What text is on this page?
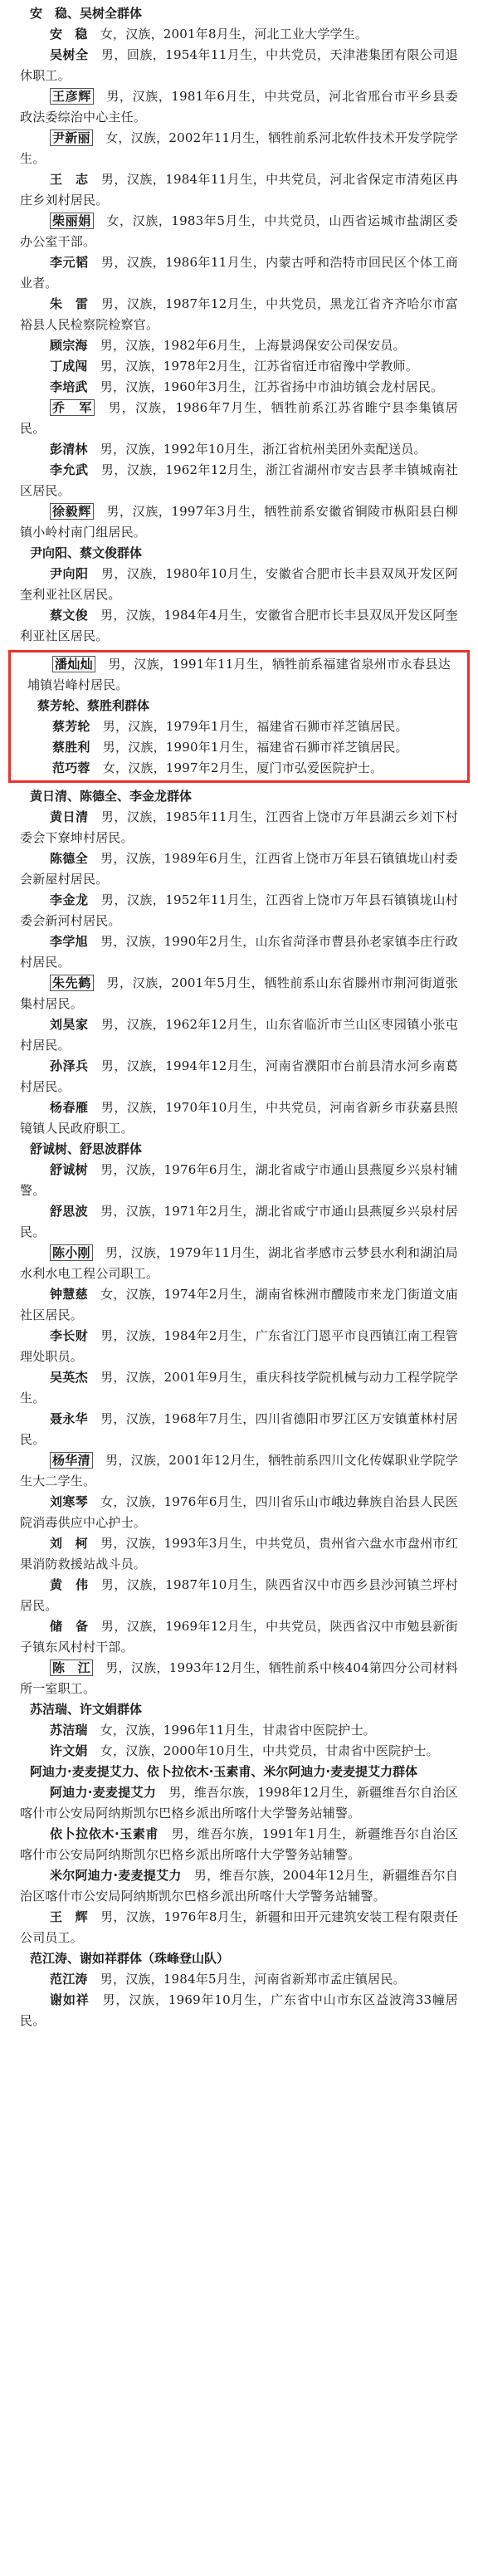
安　稳、吴树全群体

安　稳　女，汉族，2001年8月生，河北工业大学学生。

吴树全　男，回族，1954年11月生，中共党员，天津港集团有限公司退休职工。

王彦辉　男，汉族，1981年6月生，中共党员，河北省邢台市平乡县委政法委综治中心主任。

尹新丽　女，汉族，2002年11月生，牺牲前系河北软件技术开发学院学生。

王　志　男，汉族，1984年11月生，中共党员，河北省保定市清苑区冉庄乡刘村居民。

柴丽娟　女，汉族，1983年5月生，中共党员，山西省运城市盐湖区委办公室干部。

李元韬　男，汉族，1986年11月生，内蒙古呼和浩特市回民区个体工商业者。

朱　雷　男，汉族，1987年12月生，中共党员，黑龙江省齐齐哈尔市富裕县人民检察院检察官。

顾宗海　男，汉族，1982年6月生，上海景鸿保安公司保安员。

丁成闯　男，汉族，1978年2月生，江苏省宿迁市宿豫中学教师。

李培武　男，汉族，1960年3月生，江苏省扬中市油坊镇会龙村居民。

乔　军　男，汉族，1986年7月生，牺牲前系江苏省睢宁县李集镇居民。

彭清林　男，汉族，1992年10月生，浙江省杭州美团外卖配送员。

李允武　男，汉族，1962年12月生，浙江省湖州市安吉县孝丰镇城南社区居民。

徐毅辉　男，汉族，1997年3月生，牺牲前系安徽省铜陵市枞阳县白柳镇小岭村南门组居民。

尹向阳、蔡文俊群体

尹向阳　男，汉族，1980年10月生，安徽省合肥市长丰县双凤开发区阿奎利亚社区居民。

蔡文俊　男，汉族，1984年4月生，安徽省合肥市长丰县双凤开发区阿奎利亚社区居民。

潘灿灿　男，汉族，1991年11月生，牺牲前系福建省泉州市永春县达埔镇岩峰村居民。

蔡芳轮、蔡胜利群体

蔡芳轮　男，汉族，1979年1月生，福建省石狮市祥芝镇居民。

蔡胜利　男，汉族，1990年1月生，福建省石狮市祥芝镇居民。

范巧蓉　女，汉族，1997年2月生，厦门市弘爱医院护士。

黄日清、陈德全、李金龙群体

黄日清　男，汉族，1985年11月生，江西省上饶市万年县湖云乡刘下村委会下寮坤村居民。

陈德全　男，汉族，1989年6月生，江西省上饶市万年县石镇镇垅山村委会新屋村居民。

李金龙　男，汉族，1952年11月生，江西省上饶市万年县石镇镇垅山村委会新河村居民。

李学旭　男，汉族，1990年2月生，山东省菏泽市曹县孙老家镇李庄行政村居民。

朱先鹤　男，汉族，2001年5月生，牺牲前系山东省滕州市荆河街道张集村居民。

刘昊家　男，汉族，1962年12月生，山东省临沂市兰山区枣园镇小张屯村居民。

孙泽兵　男，汉族，1994年12月生，河南省濮阳市台前县清水河乡南葛村居民。

杨春雁　男，汉族，1970年10月生，中共党员，河南省新乡市获嘉县照镜镇人民政府职工。

舒诚树、舒思波群体

舒诚树　男，汉族，1976年6月生，湖北省咸宁市通山县燕厦乡兴泉村辅警。

舒思波　男，汉族，1971年2月生，湖北省咸宁市通山县燕厦乡兴泉村居民。

陈小刚　男，汉族，1979年11月生，湖北省孝感市云梦县水利和湖泊局水利水电工程公司职工。

钟慧慈　女，汉族，1974年2月生，湖南省株洲市醴陵市来龙门街道文庙社区居民。

李长财　男，汉族，1984年2月生，广东省江门恩平市良西镇江南工程管理处职员。

吴英杰　男，汉族，2001年9月生，重庆科技学院机械与动力工程学院学生。

聂永华　男，汉族，1968年7月生，四川省德阳市罗江区万安镇董林村居民。

杨华清　男，汉族，2001年12月生，牺牲前系四川文化传媒职业学院学生大二学生。

刘寒琴　女，汉族，1976年6月生，四川省乐山市峨边彝族自治县人民医院消毒供应中心护士。

刘　柯　男，汉族，1993年3月生，中共党员，贵州省六盘水市盘州市红果消防救援站战斗员。

黄　伟　男，汉族，1987年10月生，陕西省汉中市西乡县沙河镇兰坪村居民。

储　备　男，汉族，1969年12月生，中共党员，陕西省汉中市勉县新街子镇东风村村干部。

陈　江　男，汉族，1993年12月生，牺牲前系中核404第四分公司材料所一室职工。

苏洁瑞、许文娟群体

苏洁瑞　女，汉族，1996年11月生，甘肃省中医院护士。

许文娟　女，汉族，2000年10月生，中共党员，甘肃省中医院护士。

阿迪力·麦麦提艾力、依卜拉依木·玉素甫、米尔阿迪力·麦麦提艾力群体

阿迪力·麦麦提艾力　男，维吾尔族，1998年12月生，新疆维吾尔自治区喀什市公安局阿纳斯凯尔巴格乡派出所喀什大学警务站辅警。

依卜拉依木·玉素甫　男，维吾尔族，1991年1月生，新疆维吾尔自治区喀什市公安局阿纳斯凯尔巴格乡派出所喀什大学警务站辅警。

米尔阿迪力·麦麦提艾力　男，维吾尔族，2004年12月生，新疆维吾尔自治区喀什市公安局阿纳斯凯尔巴格乡派出所喀什大学警务站辅警。

王　辉　男，汉族，1976年8月生，新疆和田开元建筑安装工程有限责任公司员工。

范江涛、谢如祥群体（珠峰登山队）

范江涛　男，汉族，1984年5月生，河南省新郑市孟庄镇居民。

谢如祥　男，汉族，1969年10月生，广东省中山市东区益波湾33幢居民。
